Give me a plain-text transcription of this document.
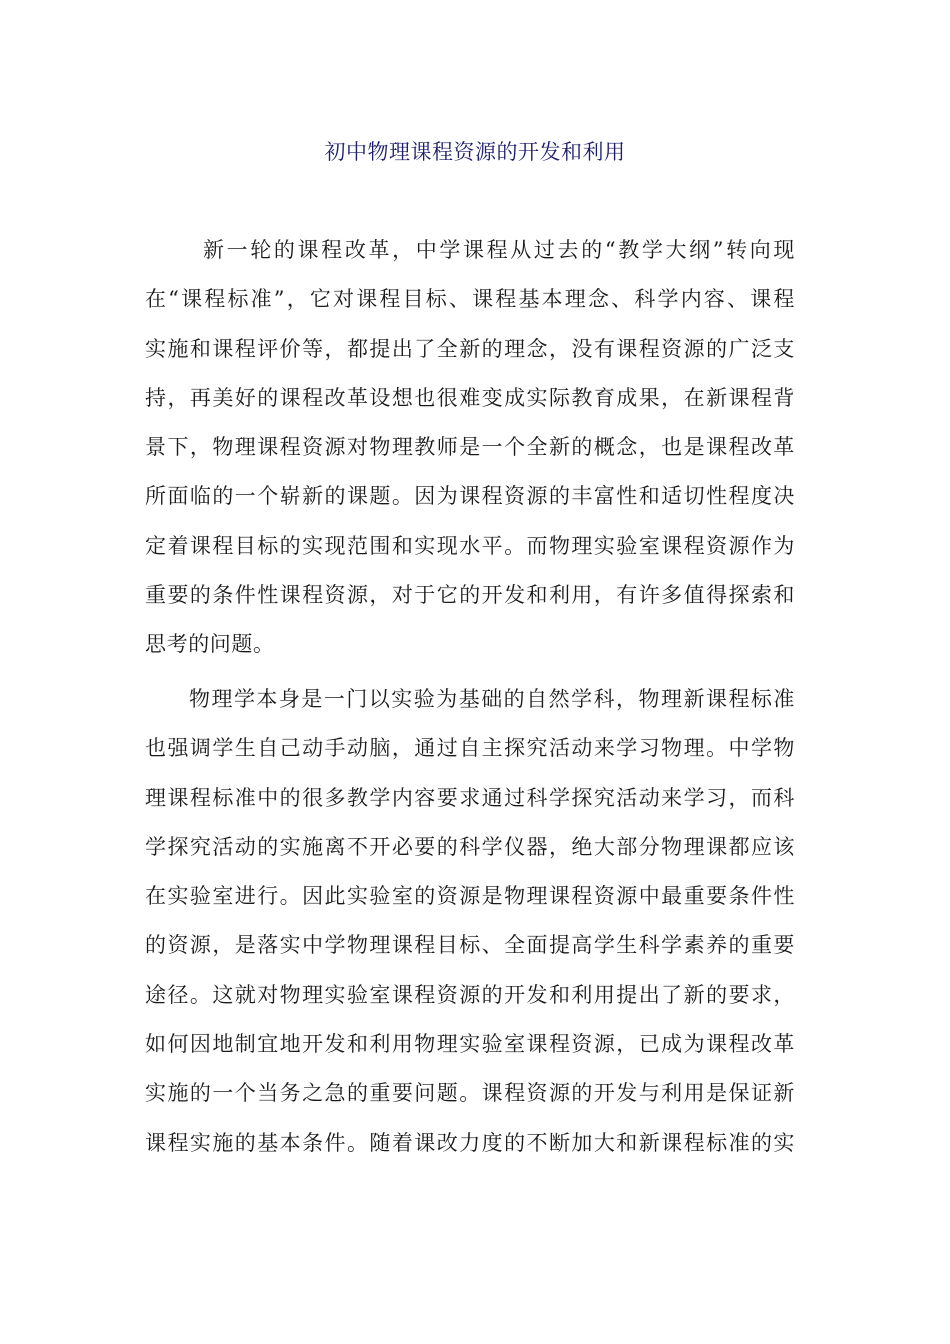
初中物理课程资源的开发和利用
新一轮的课程改革，中学课程从过去的“教学大纲”转向现
在“课程标准”，它对课程目标、课程基本理念、科学内容、课程
实施和课程评价等，都提出了全新的理念，没有课程资源的广泛支
持，再美好的课程改革设想也很难变成实际教育成果，在新课程背
景下，物理课程资源对物理教师是一个全新的概念，也是课程改革
所面临的一个崭新的课题。因为课程资源的丰富性和适切性程度决
定着课程目标的实现范围和实现水平。而物理实验室课程资源作为
重要的条件性课程资源，对于它的开发和利用，有许多值得探索和
思考的问题。
物理学本身是一门以实验为基础的自然学科，物理新课程标准
也强调学生自己动手动脑，通过自主探究活动来学习物理。中学物
理课程标准中的很多教学内容要求通过科学探究活动来学习，而科
学探究活动的实施离不开必要的科学仪器，绝大部分物理课都应该
在实验室进行。因此实验室的资源是物理课程资源中最重要条件性
的资源，是落实中学物理课程目标、全面提高学生科学素养的重要
途径。这就对物理实验室课程资源的开发和利用提出了新的要求，
如何因地制宜地开发和利用物理实验室课程资源，已成为课程改革
实施的一个当务之急的重要问题。课程资源的开发与利用是保证新
课程实施的基本条件。随着课改力度的不断加大和新课程标准的实
